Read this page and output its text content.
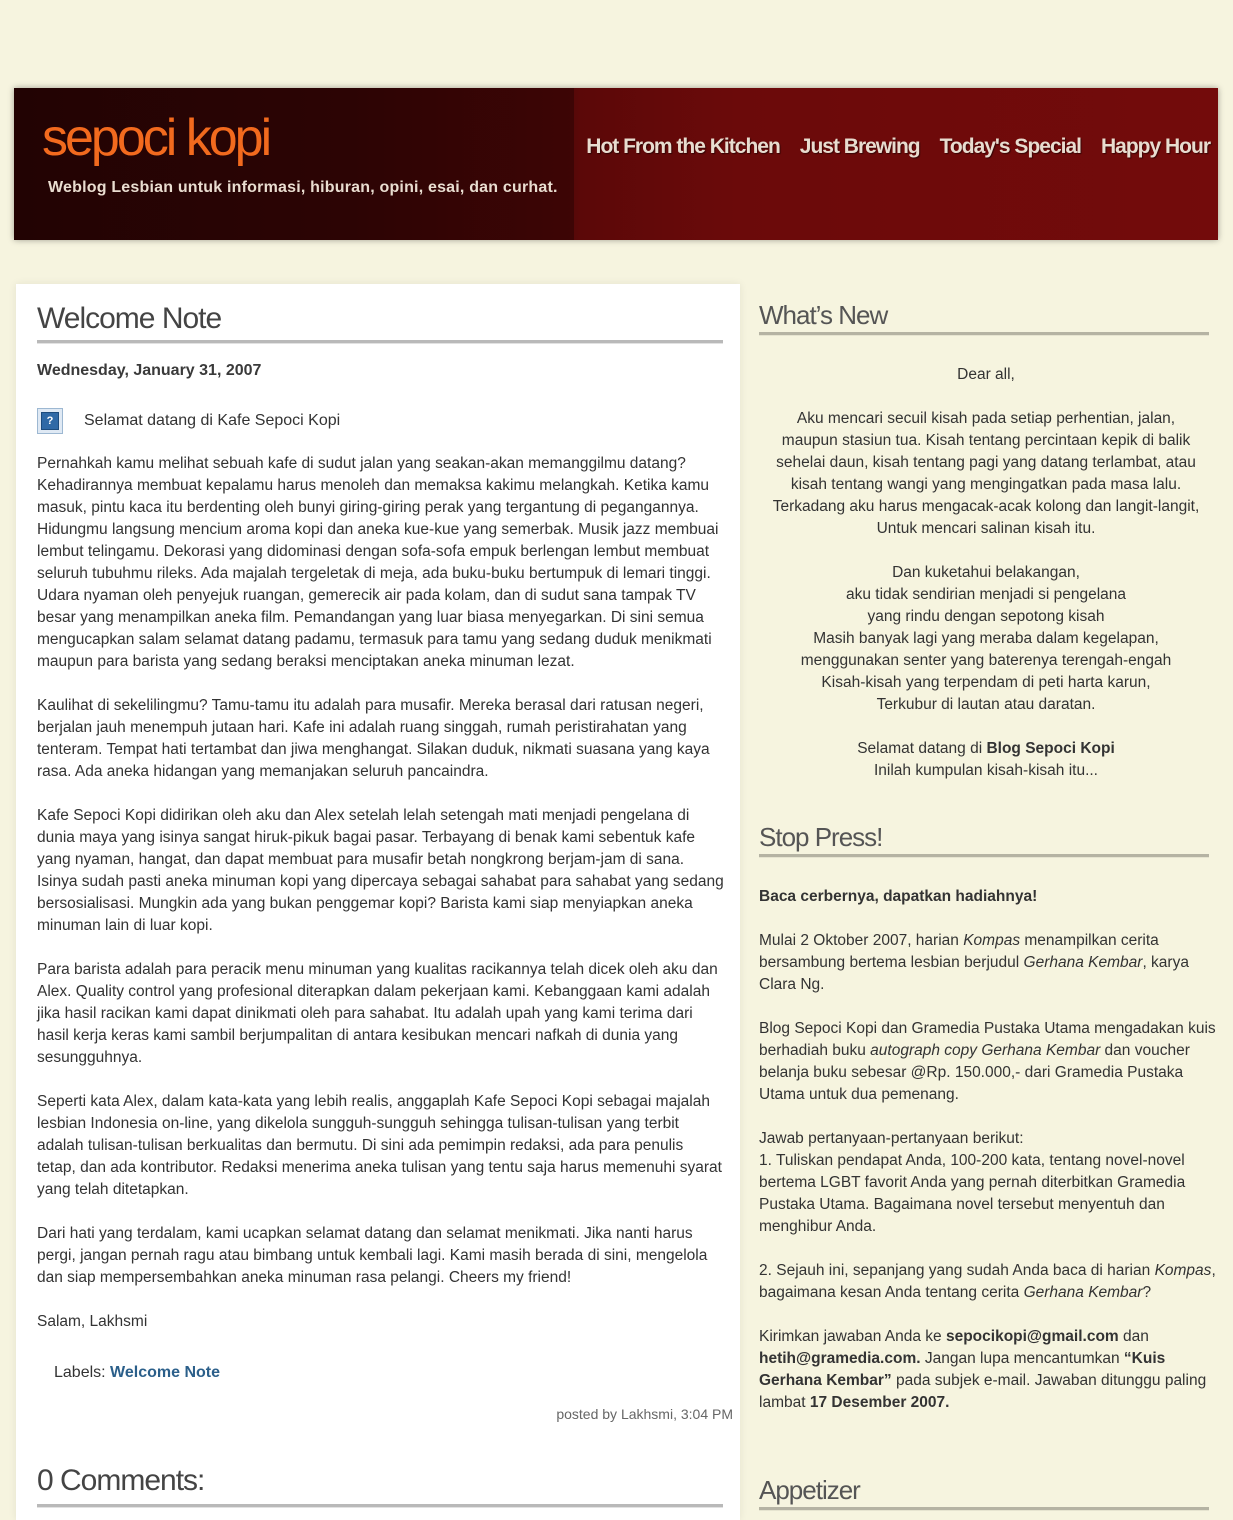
sepoci kopi
Weblog Lesbian untuk informasi, hiburan, opini, esai, dan curhat.
Hot From the Kitchen Just Brewing Today's Special Happy Hour
Welcome Note
Wednesday, January 31, 2007
?	Selamat datang di Kafe Sepoci Kopi

Pernahkah kamu melihat sebuah kafe di sudut jalan yang seakan-akan memanggilmu datang? Kehadirannya membuat kepalamu harus menoleh dan memaksa kakimu melangkah. Ketika kamu masuk, pintu kaca itu berdenting oleh bunyi giring-giring perak yang tergantung di pegangannya. Hidungmu langsung mencium aroma kopi dan aneka kue-kue yang semerbak. Musik jazz membuai lembut telingamu. Dekorasi yang didominasi dengan sofa-sofa empuk berlengan lembut membuat seluruh tubuhmu rileks. Ada majalah tergeletak di meja, ada buku-buku bertumpuk di lemari tinggi. Udara nyaman oleh penyejuk ruangan, gemerecik air pada kolam, dan di sudut sana tampak TV besar yang menampilkan aneka film. Pemandangan yang luar biasa menyegarkan. Di sini semua mengucapkan salam selamat datang padamu, termasuk para tamu yang sedang duduk menikmati maupun para barista yang sedang beraksi menciptakan aneka minuman lezat.

Kaulihat di sekelilingmu? Tamu-tamu itu adalah para musafir. Mereka berasal dari ratusan negeri, berjalan jauh menempuh jutaan hari. Kafe ini adalah ruang singgah, rumah peristirahatan yang tenteram. Tempat hati tertambat dan jiwa menghangat. Silakan duduk, nikmati suasana yang kaya rasa. Ada aneka hidangan yang memanjakan seluruh pancaindra.

Kafe Sepoci Kopi didirikan oleh aku dan Alex setelah lelah setengah mati menjadi pengelana di dunia maya yang isinya sangat hiruk-pikuk bagai pasar. Terbayang di benak kami sebentuk kafe yang nyaman, hangat, dan dapat membuat para musafir betah nongkrong berjam-jam di sana. Isinya sudah pasti aneka minuman kopi yang dipercaya sebagai sahabat para sahabat yang sedang bersosialisasi. Mungkin ada yang bukan penggemar kopi? Barista kami siap menyiapkan aneka minuman lain di luar kopi.

Para barista adalah para peracik menu minuman yang kualitas racikannya telah dicek oleh aku dan Alex. Quality control yang profesional diterapkan dalam pekerjaan kami. Kebanggaan kami adalah jika hasil racikan kami dapat dinikmati oleh para sahabat. Itu adalah upah yang kami terima dari hasil kerja keras kami sambil berjumpalitan di antara kesibukan mencari nafkah di dunia yang sesungguhnya.

Seperti kata Alex, dalam kata-kata yang lebih realis, anggaplah Kafe Sepoci Kopi sebagai majalah lesbian Indonesia on-line, yang dikelola sungguh-sungguh sehingga tulisan-tulisan yang terbit adalah tulisan-tulisan berkualitas dan bermutu. Di sini ada pemimpin redaksi, ada para penulis tetap, dan ada kontributor. Redaksi menerima aneka tulisan yang tentu saja harus memenuhi syarat yang telah ditetapkan.

Dari hati yang terdalam, kami ucapkan selamat datang dan selamat menikmati. Jika nanti harus pergi, jangan pernah ragu atau bimbang untuk kembali lagi. Kami masih berada di sini, mengelola dan siap mempersembahkan aneka minuman rasa pelangi. Cheers my friend!

Salam, Lakhsmi

Labels: Welcome Note
posted by Lakhsmi, 3:04 PM
0 Comments:
What’s New

Dear all,

Aku mencari secuil kisah pada setiap perhentian, jalan,
maupun stasiun tua. Kisah tentang percintaan kepik di balik
sehelai daun, kisah tentang pagi yang datang terlambat, atau
kisah tentang wangi yang mengingatkan pada masa lalu.
Terkadang aku harus mengacak-acak kolong dan langit-langit,
Untuk mencari salinan kisah itu.

Dan kuketahui belakangan,
aku tidak sendirian menjadi si pengelana
yang rindu dengan sepotong kisah
Masih banyak lagi yang meraba dalam kegelapan,
menggunakan senter yang baterenya terengah-engah
Kisah-kisah yang terpendam di peti harta karun,
Terkubur di lautan atau daratan.

Selamat datang di Blog Sepoci Kopi
Inilah kumpulan kisah-kisah itu...

Stop Press!

Baca cerbernya, dapatkan hadiahnya!

Mulai 2 Oktober 2007, harian Kompas menampilkan cerita bersambung bertema lesbian berjudul Gerhana Kembar, karya Clara Ng.

Blog Sepoci Kopi dan Gramedia Pustaka Utama mengadakan kuis berhadiah buku autograph copy Gerhana Kembar dan voucher belanja buku sebesar @Rp. 150.000,- dari Gramedia Pustaka Utama untuk dua pemenang.

Jawab pertanyaan-pertanyaan berikut:
1. Tuliskan pendapat Anda, 100-200 kata, tentang novel-novel bertema LGBT favorit Anda yang pernah diterbitkan Gramedia Pustaka Utama. Bagaimana novel tersebut menyentuh dan menghibur Anda.

2. Sejauh ini, sepanjang yang sudah Anda baca di harian Kompas, bagaimana kesan Anda tentang cerita Gerhana Kembar?

Kirimkan jawaban Anda ke sepocikopi@gmail.com dan hetih@gramedia.com. Jangan lupa mencantumkan “Kuis Gerhana Kembar” pada subjek e-mail. Jawaban ditunggu paling lambat 17 Desember 2007.

Appetizer
